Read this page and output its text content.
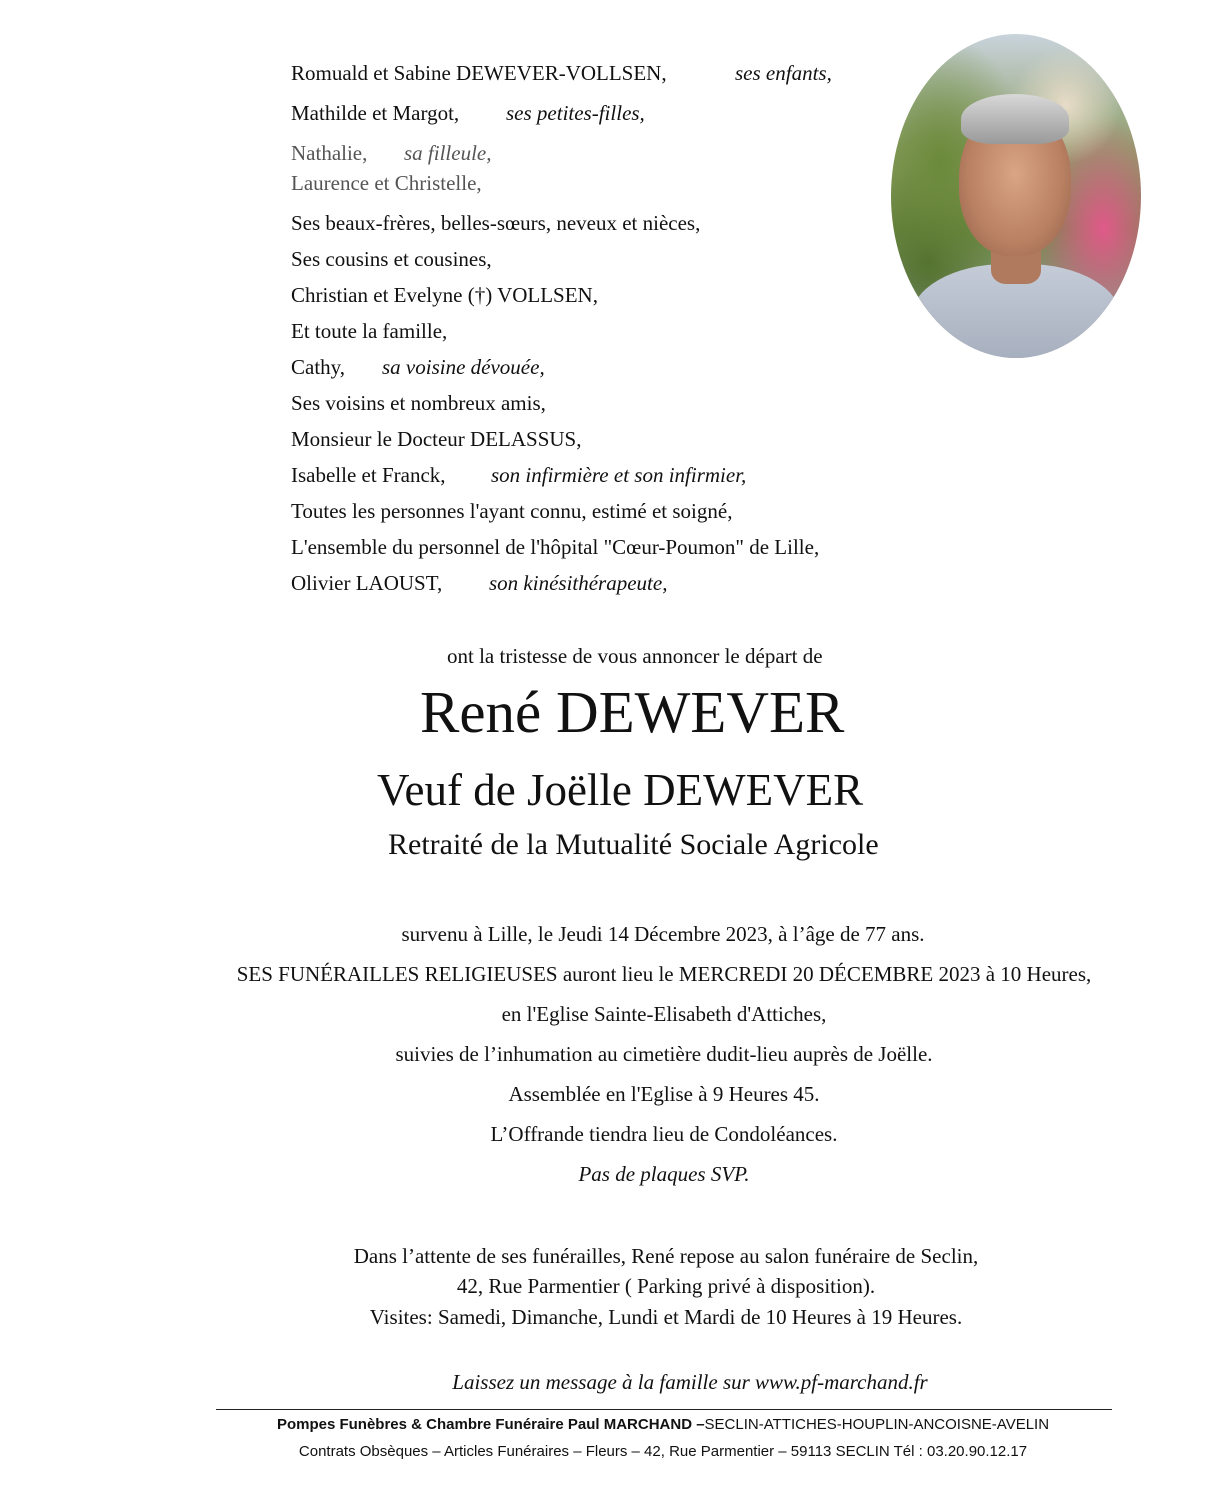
Romuald et Sabine DEWEVER-VOLLSEN,	ses enfants,
Mathilde et Margot, ses petites-filles,
Nathalie, sa filleule,
Laurence et Christelle,
Ses beaux-frères, belles-sœurs, neveux et nièces,
Ses cousins et cousines,
Christian et Evelyne (†) VOLLSEN,
Et toute la famille,
Cathy, sa voisine dévouée,
Ses voisins et nombreux amis,
Monsieur le Docteur DELASSUS,
Isabelle et Franck, son infirmière et son infirmier,
Toutes les personnes l'ayant connu, estimé et soigné,
L'ensemble du personnel de l'hôpital "Cœur-Poumon" de Lille,
Olivier LAOUST, son kinésithérapeute,
ont la tristesse de vous annoncer le départ de
René DEWEVER
Veuf de Joëlle DEWEVER
Retraité de la Mutualité Sociale Agricole
survenu à Lille, le Jeudi 14 Décembre 2023, à l’âge de 77 ans.
SES FUNÉRAILLES RELIGIEUSES auront lieu le MERCREDI 20 DÉCEMBRE 2023 à 10 Heures,
en l'Eglise Sainte-Elisabeth d'Attiches,
suivies de l’inhumation au cimetière dudit-lieu auprès de Joëlle.
Assemblée en l'Eglise à 9 Heures 45.
L’Offrande tiendra lieu de Condoléances.
Pas de plaques SVP.
Dans l’attente de ses funérailles, René repose au salon funéraire de Seclin,
42, Rue Parmentier ( Parking privé à disposition).
Visites: Samedi, Dimanche, Lundi et Mardi de 10 Heures à 19 Heures.
Laissez un message à la famille sur www.pf-marchand.fr
Pompes Funèbres & Chambre Funéraire Paul MARCHAND –SECLIN-ATTICHES-HOUPLIN-ANCOISNE-AVELIN
Contrats Obsèques – Articles Funéraires – Fleurs – 42, Rue Parmentier – 59113 SECLIN Tél : 03.20.90.12.17
